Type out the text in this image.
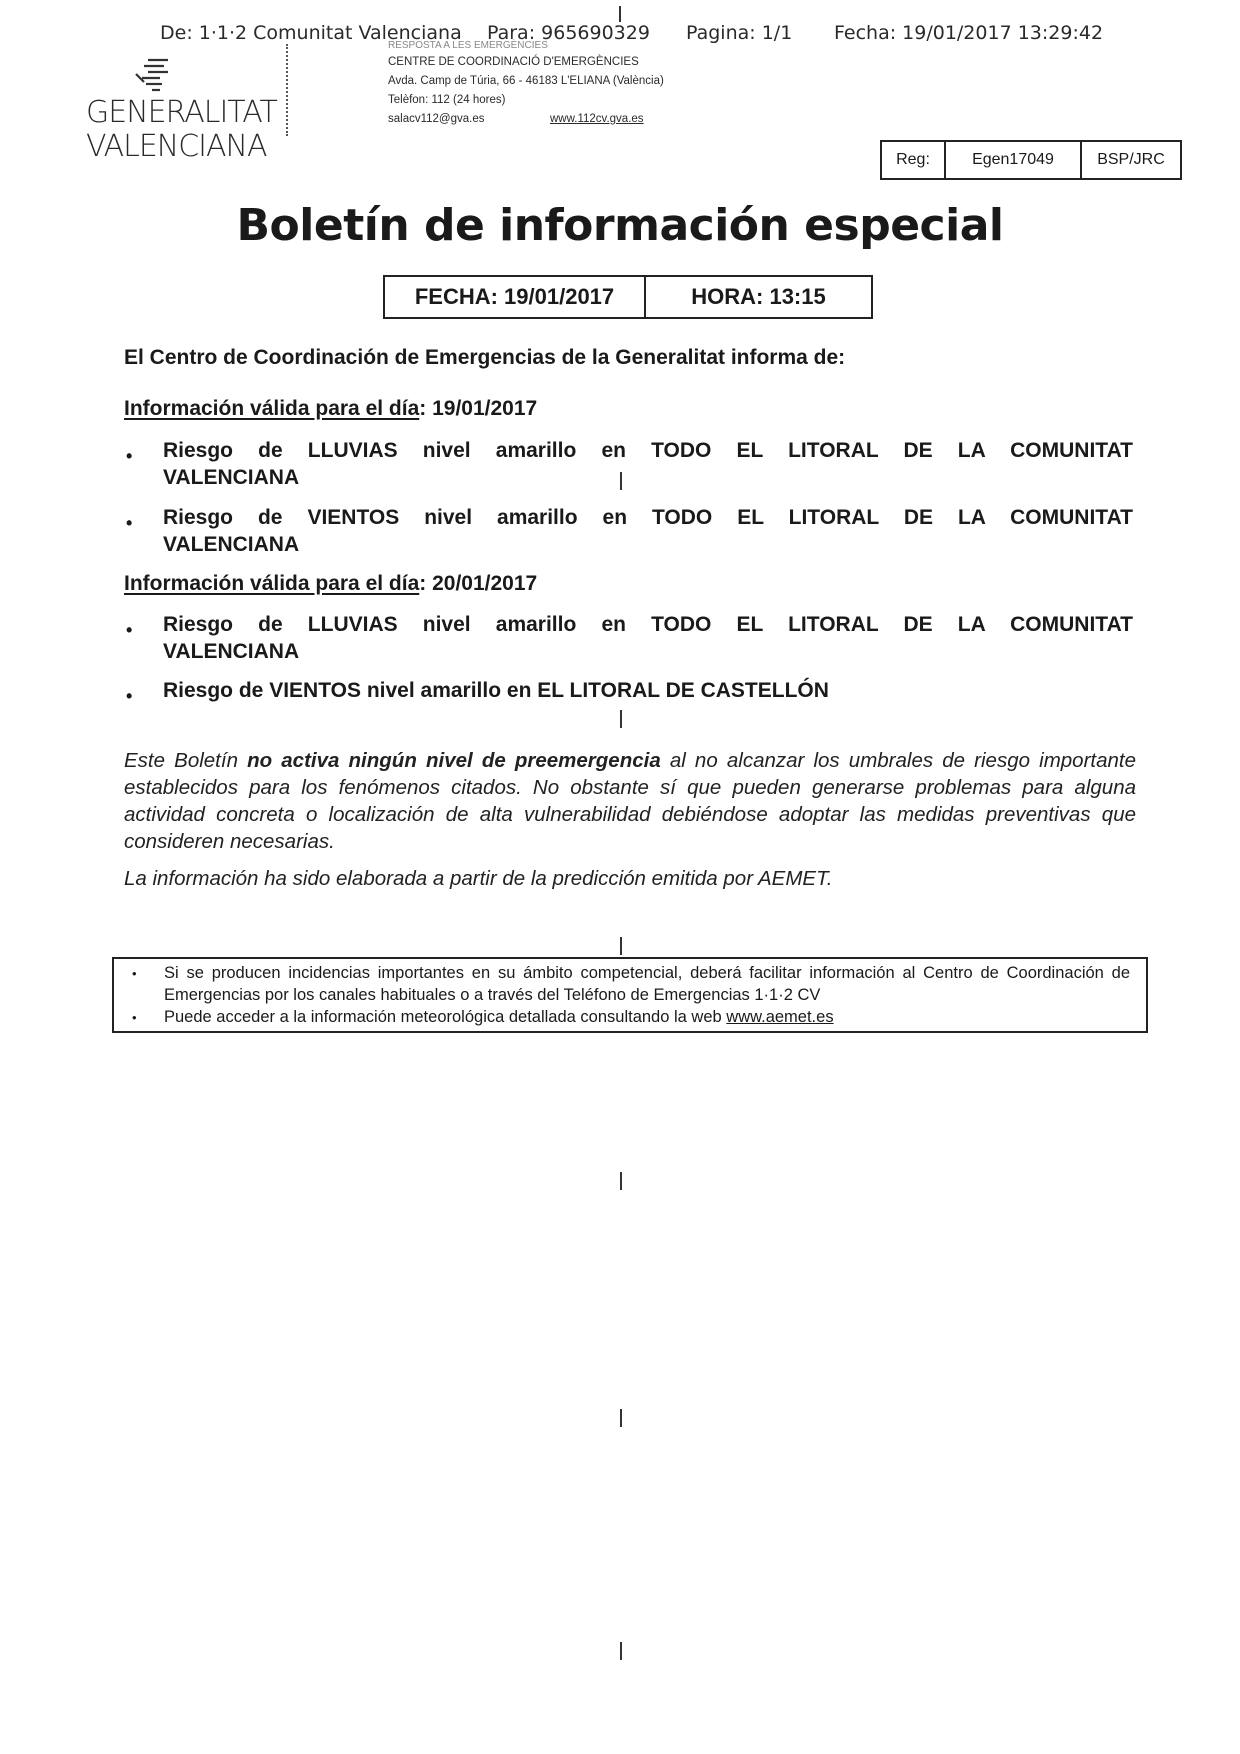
De: 1·1·2 Comunitat Valenciana Para: 965690329 Pagina: 1/1 Fecha: 19/01/2017 13:29:42
GENERALITAT
VALENCIANA
RESPOSTA A LES EMERGÈNCIES
CENTRE DE COORDINACIÓ D'EMERGÈNCIES
Avda. Camp de Túria, 66 - 46183 L'ELIANA (València)
Telèfon: 112 (24 hores)
salacv112@gva.es	www.112cv.gva.es
Reg:	Egen17049	BSP/JRC
Boletín de información especial
FECHA: 19/01/2017	HORA: 13:15
El Centro de Coordinación de Emergencias de la Generalitat informa de:
Información válida para el día: 19/01/2017
• Riesgo de LLUVIAS nivel amarillo en TODO EL LITORAL DE LA COMUNITAT
VALENCIANA
• Riesgo de VIENTOS nivel amarillo en TODO EL LITORAL DE LA COMUNITAT
VALENCIANA
Información válida para el día: 20/01/2017
• Riesgo de LLUVIAS nivel amarillo en TODO EL LITORAL DE LA COMUNITAT
VALENCIANA
• Riesgo de VIENTOS nivel amarillo en EL LITORAL DE CASTELLÓN
Este Boletín no activa ningún nivel de preemergencia al no alcanzar los umbrales de riesgo importante establecidos para los fenómenos citados. No obstante sí que pueden generarse problemas para alguna actividad concreta o localización de alta vulnerabilidad debiéndose adoptar las medidas preventivas que consideren necesarias.
La información ha sido elaborada a partir de la predicción emitida por AEMET.
• Si se producen incidencias importantes en su ámbito competencial, deberá facilitar información al Centro de Coordinación de Emergencias por los canales habituales o a través del Teléfono de Emergencias 1·1·2 CV
• Puede acceder a la información meteorológica detallada consultando la web www.aemet.es
